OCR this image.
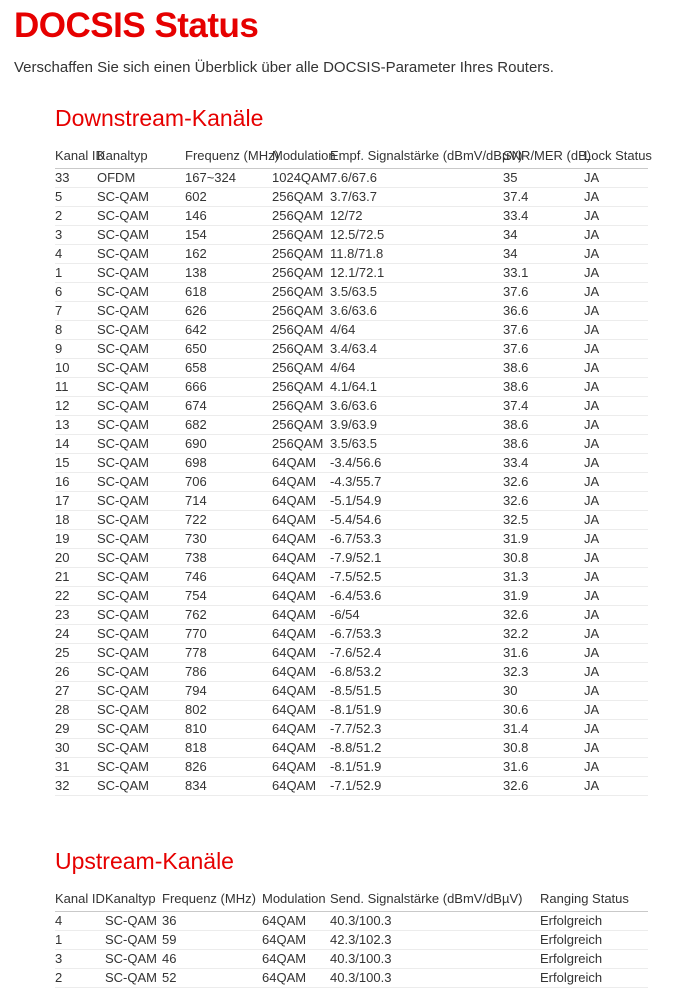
DOCSIS Status

Verschaffen Sie sich einen Überblick über alle DOCSIS-Parameter Ihres Routers.

Downstream-Kanäle
Kanal ID	Kanaltyp	Frequenz (MHz)	Modulation	Empf. Signalstärke (dBmV/dBµV)	SNR/MER (dB)	Lock Status
33	OFDM	167~324	1024QAM	7.6/67.6	35	JA
5	SC-QAM	602	256QAM	3.7/63.7	37.4	JA
2	SC-QAM	146	256QAM	12/72	33.4	JA
3	SC-QAM	154	256QAM	12.5/72.5	34	JA
4	SC-QAM	162	256QAM	11.8/71.8	34	JA
1	SC-QAM	138	256QAM	12.1/72.1	33.1	JA
6	SC-QAM	618	256QAM	3.5/63.5	37.6	JA
7	SC-QAM	626	256QAM	3.6/63.6	36.6	JA
8	SC-QAM	642	256QAM	4/64	37.6	JA
9	SC-QAM	650	256QAM	3.4/63.4	37.6	JA
10	SC-QAM	658	256QAM	4/64	38.6	JA
11	SC-QAM	666	256QAM	4.1/64.1	38.6	JA
12	SC-QAM	674	256QAM	3.6/63.6	37.4	JA
13	SC-QAM	682	256QAM	3.9/63.9	38.6	JA
14	SC-QAM	690	256QAM	3.5/63.5	38.6	JA
15	SC-QAM	698	64QAM	-3.4/56.6	33.4	JA
16	SC-QAM	706	64QAM	-4.3/55.7	32.6	JA
17	SC-QAM	714	64QAM	-5.1/54.9	32.6	JA
18	SC-QAM	722	64QAM	-5.4/54.6	32.5	JA
19	SC-QAM	730	64QAM	-6.7/53.3	31.9	JA
20	SC-QAM	738	64QAM	-7.9/52.1	30.8	JA
21	SC-QAM	746	64QAM	-7.5/52.5	31.3	JA
22	SC-QAM	754	64QAM	-6.4/53.6	31.9	JA
23	SC-QAM	762	64QAM	-6/54	32.6	JA
24	SC-QAM	770	64QAM	-6.7/53.3	32.2	JA
25	SC-QAM	778	64QAM	-7.6/52.4	31.6	JA
26	SC-QAM	786	64QAM	-6.8/53.2	32.3	JA
27	SC-QAM	794	64QAM	-8.5/51.5	30	JA
28	SC-QAM	802	64QAM	-8.1/51.9	30.6	JA
29	SC-QAM	810	64QAM	-7.7/52.3	31.4	JA
30	SC-QAM	818	64QAM	-8.8/51.2	30.8	JA
31	SC-QAM	826	64QAM	-8.1/51.9	31.6	JA
32	SC-QAM	834	64QAM	-7.1/52.9	32.6	JA
Upstream-Kanäle
Kanal ID	Kanaltyp	Frequenz (MHz)	Modulation	Send. Signalstärke (dBmV/dBµV)	Ranging Status
4	SC-QAM	36	64QAM	40.3/100.3	Erfolgreich
1	SC-QAM	59	64QAM	42.3/102.3	Erfolgreich
3	SC-QAM	46	64QAM	40.3/100.3	Erfolgreich
2	SC-QAM	52	64QAM	40.3/100.3	Erfolgreich
